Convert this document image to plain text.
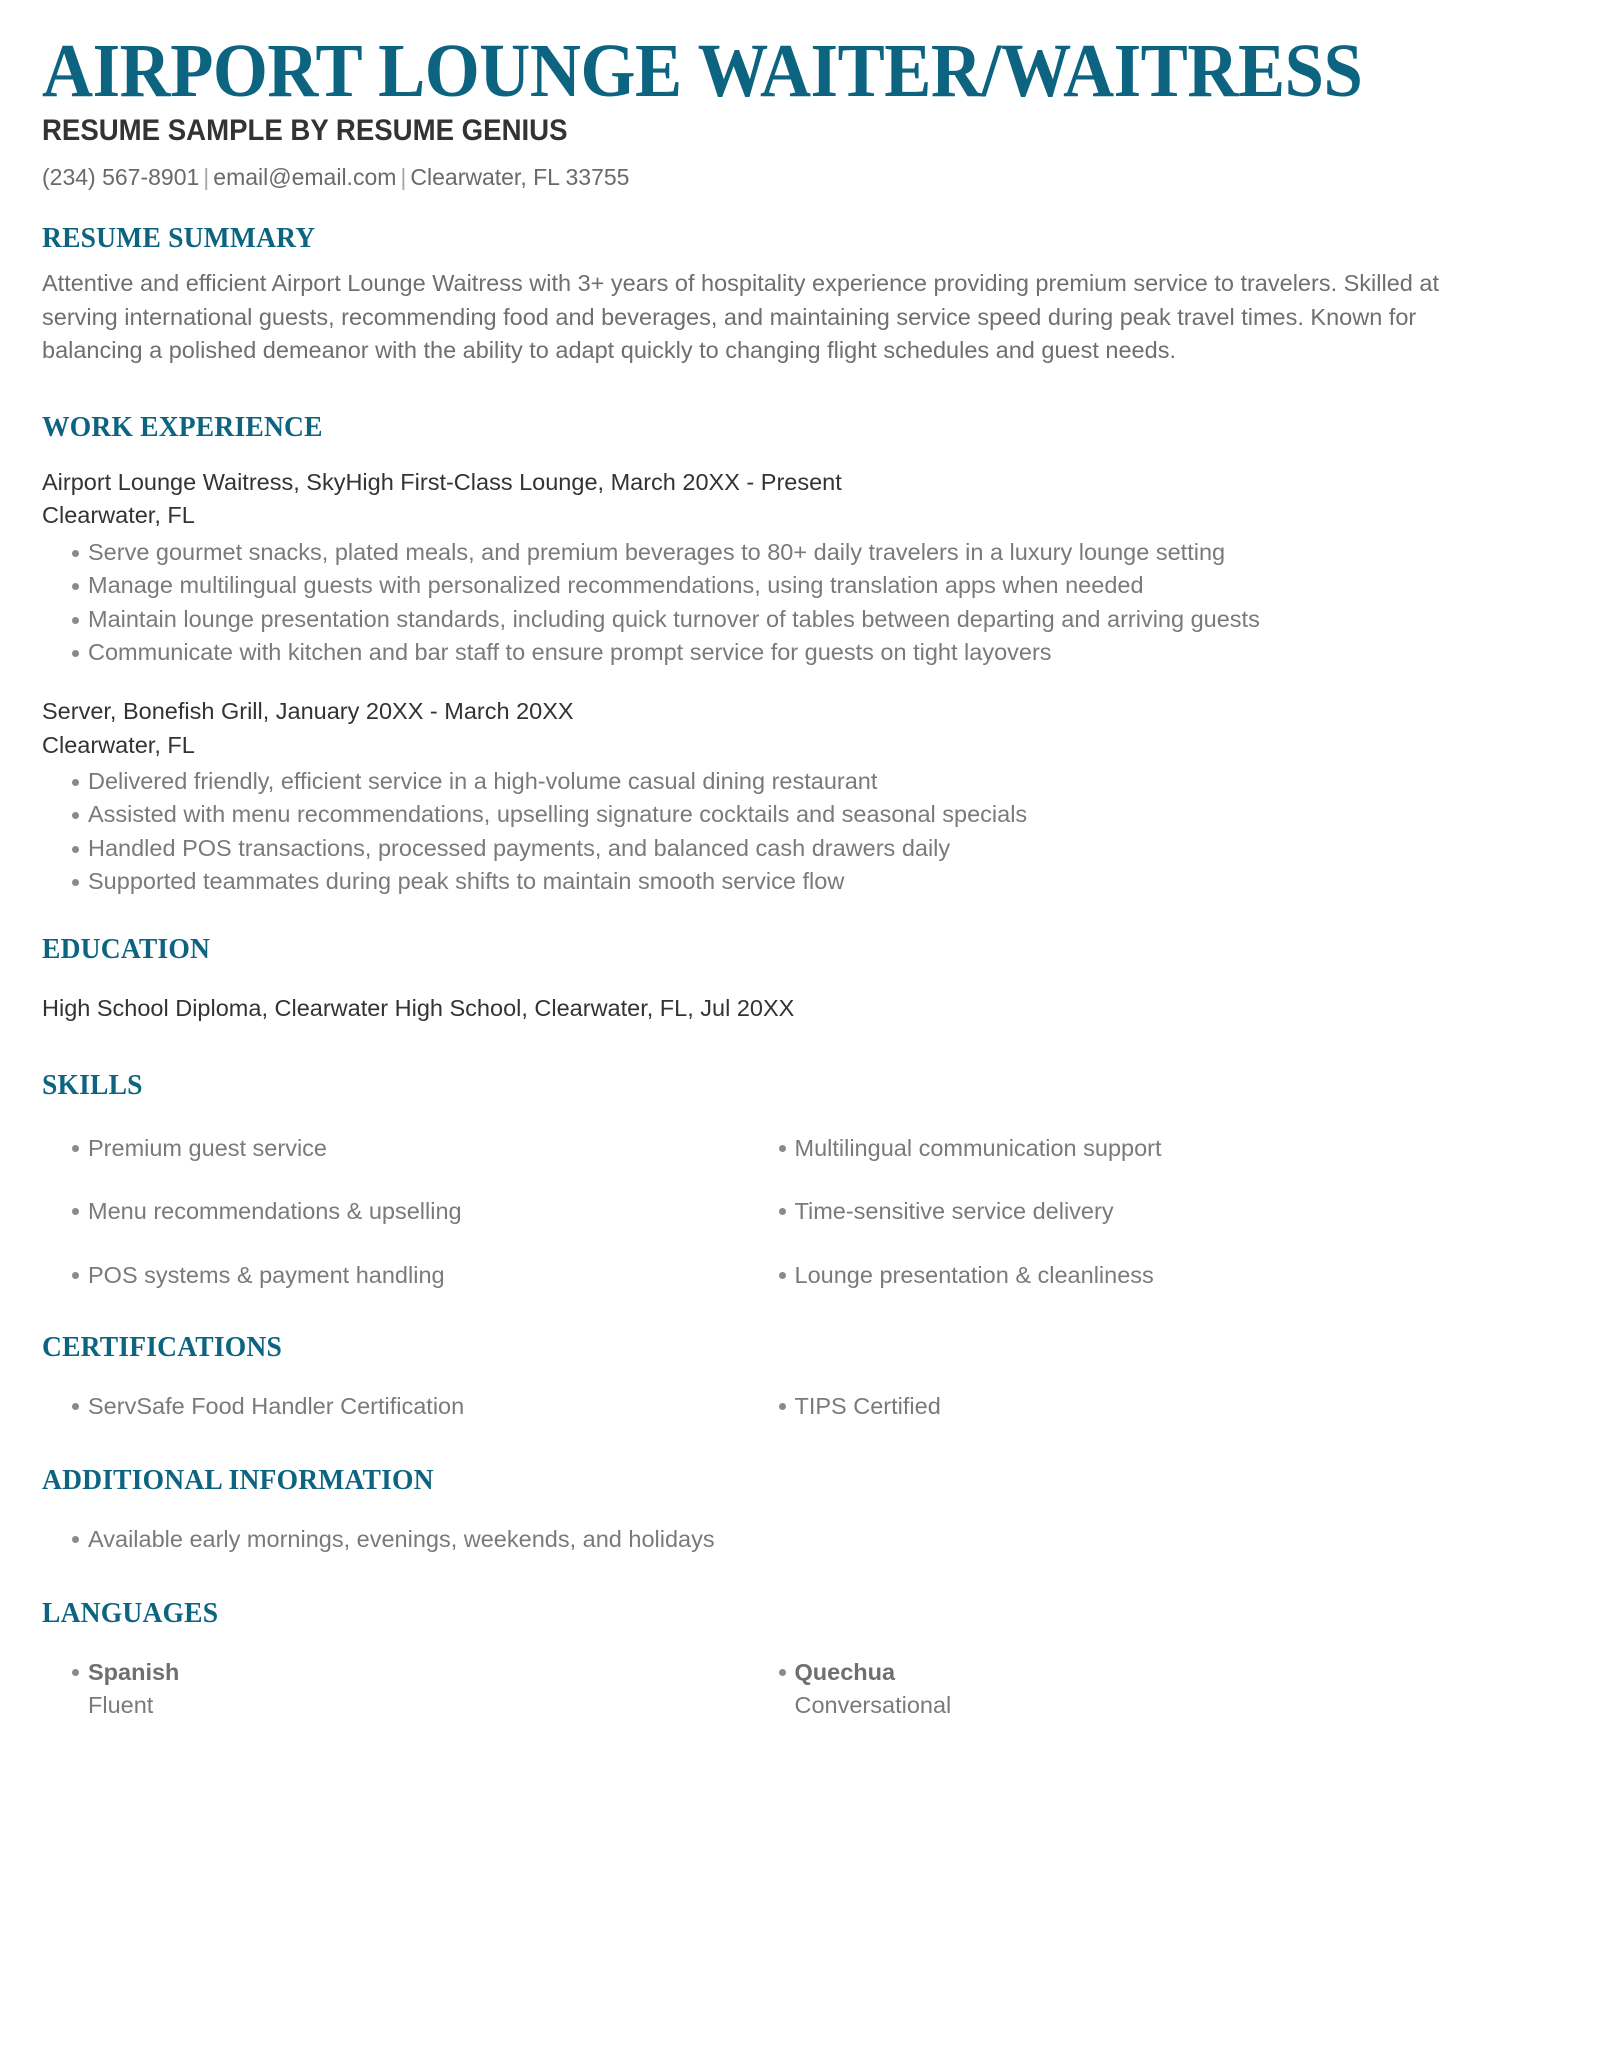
AIRPORT LOUNGE WAITER/WAITRESS
RESUME SAMPLE BY RESUME GENIUS
(234) 567-8901 | email@email.com | Clearwater, FL 33755
RESUME SUMMARY

Attentive and efficient Airport Lounge Waitress with 3+ years of hospitality experience providing premium service to travelers. Skilled at serving international guests, recommending food and beverages, and maintaining service speed during peak travel times. Known for balancing a polished demeanor with the ability to adapt quickly to changing flight schedules and guest needs.

WORK EXPERIENCE
Airport Lounge Waitress, SkyHigh First-Class Lounge, March 20XX - Present
Clearwater, FL
Serve gourmet snacks, plated meals, and premium beverages to 80+ daily travelers in a luxury lounge setting
Manage multilingual guests with personalized recommendations, using translation apps when needed
Maintain lounge presentation standards, including quick turnover of tables between departing and arriving guests
Communicate with kitchen and bar staff to ensure prompt service for guests on tight layovers
Server, Bonefish Grill, January 20XX - March 20XX
Clearwater, FL
Delivered friendly, efficient service in a high-volume casual dining restaurant
Assisted with menu recommendations, upselling signature cocktails and seasonal specials
Handled POS transactions, processed payments, and balanced cash drawers daily
Supported teammates during peak shifts to maintain smooth service flow
EDUCATION

High School Diploma, Clearwater High School, Clearwater, FL, Jul 20XX

SKILLS
Premium guest service
Menu recommendations & upselling
POS systems & payment handling
Multilingual communication support
Time-sensitive service delivery
Lounge presentation & cleanliness
CERTIFICATIONS
ServSafe Food Handler Certification	TIPS Certified
ADDITIONAL INFORMATION
Available early mornings, evenings, weekends, and holidays
LANGUAGES
Spanish
Fluent
Quechua
Conversational
